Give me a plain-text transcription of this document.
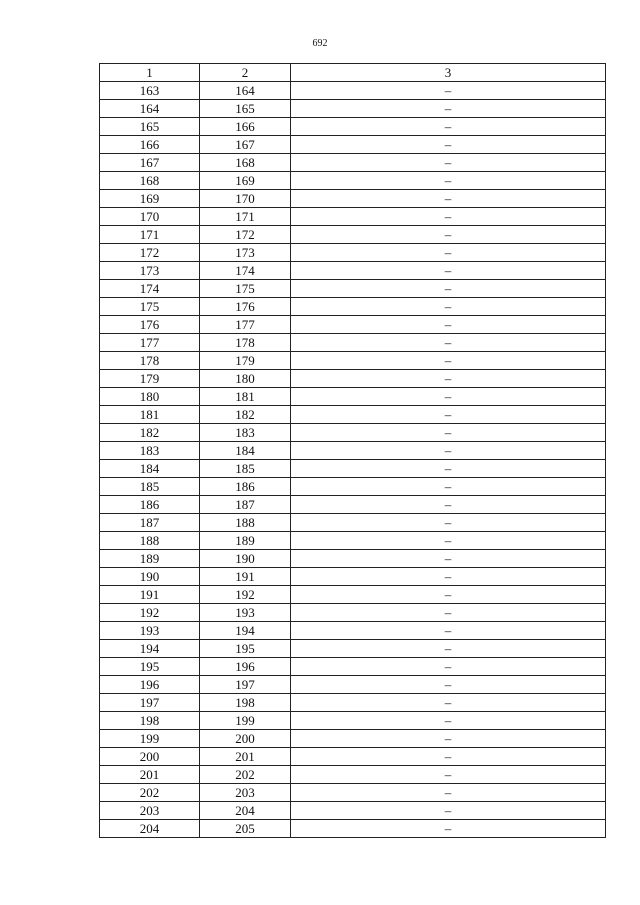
692
1	2	3
163	164	–
164	165	–
165	166	–
166	167	–
167	168	–
168	169	–
169	170	–
170	171	–
171	172	–
172	173	–
173	174	–
174	175	–
175	176	–
176	177	–
177	178	–
178	179	–
179	180	–
180	181	–
181	182	–
182	183	–
183	184	–
184	185	–
185	186	–
186	187	–
187	188	–
188	189	–
189	190	–
190	191	–
191	192	–
192	193	–
193	194	–
194	195	–
195	196	–
196	197	–
197	198	–
198	199	–
199	200	–
200	201	–
201	202	–
202	203	–
203	204	–
204	205	–
